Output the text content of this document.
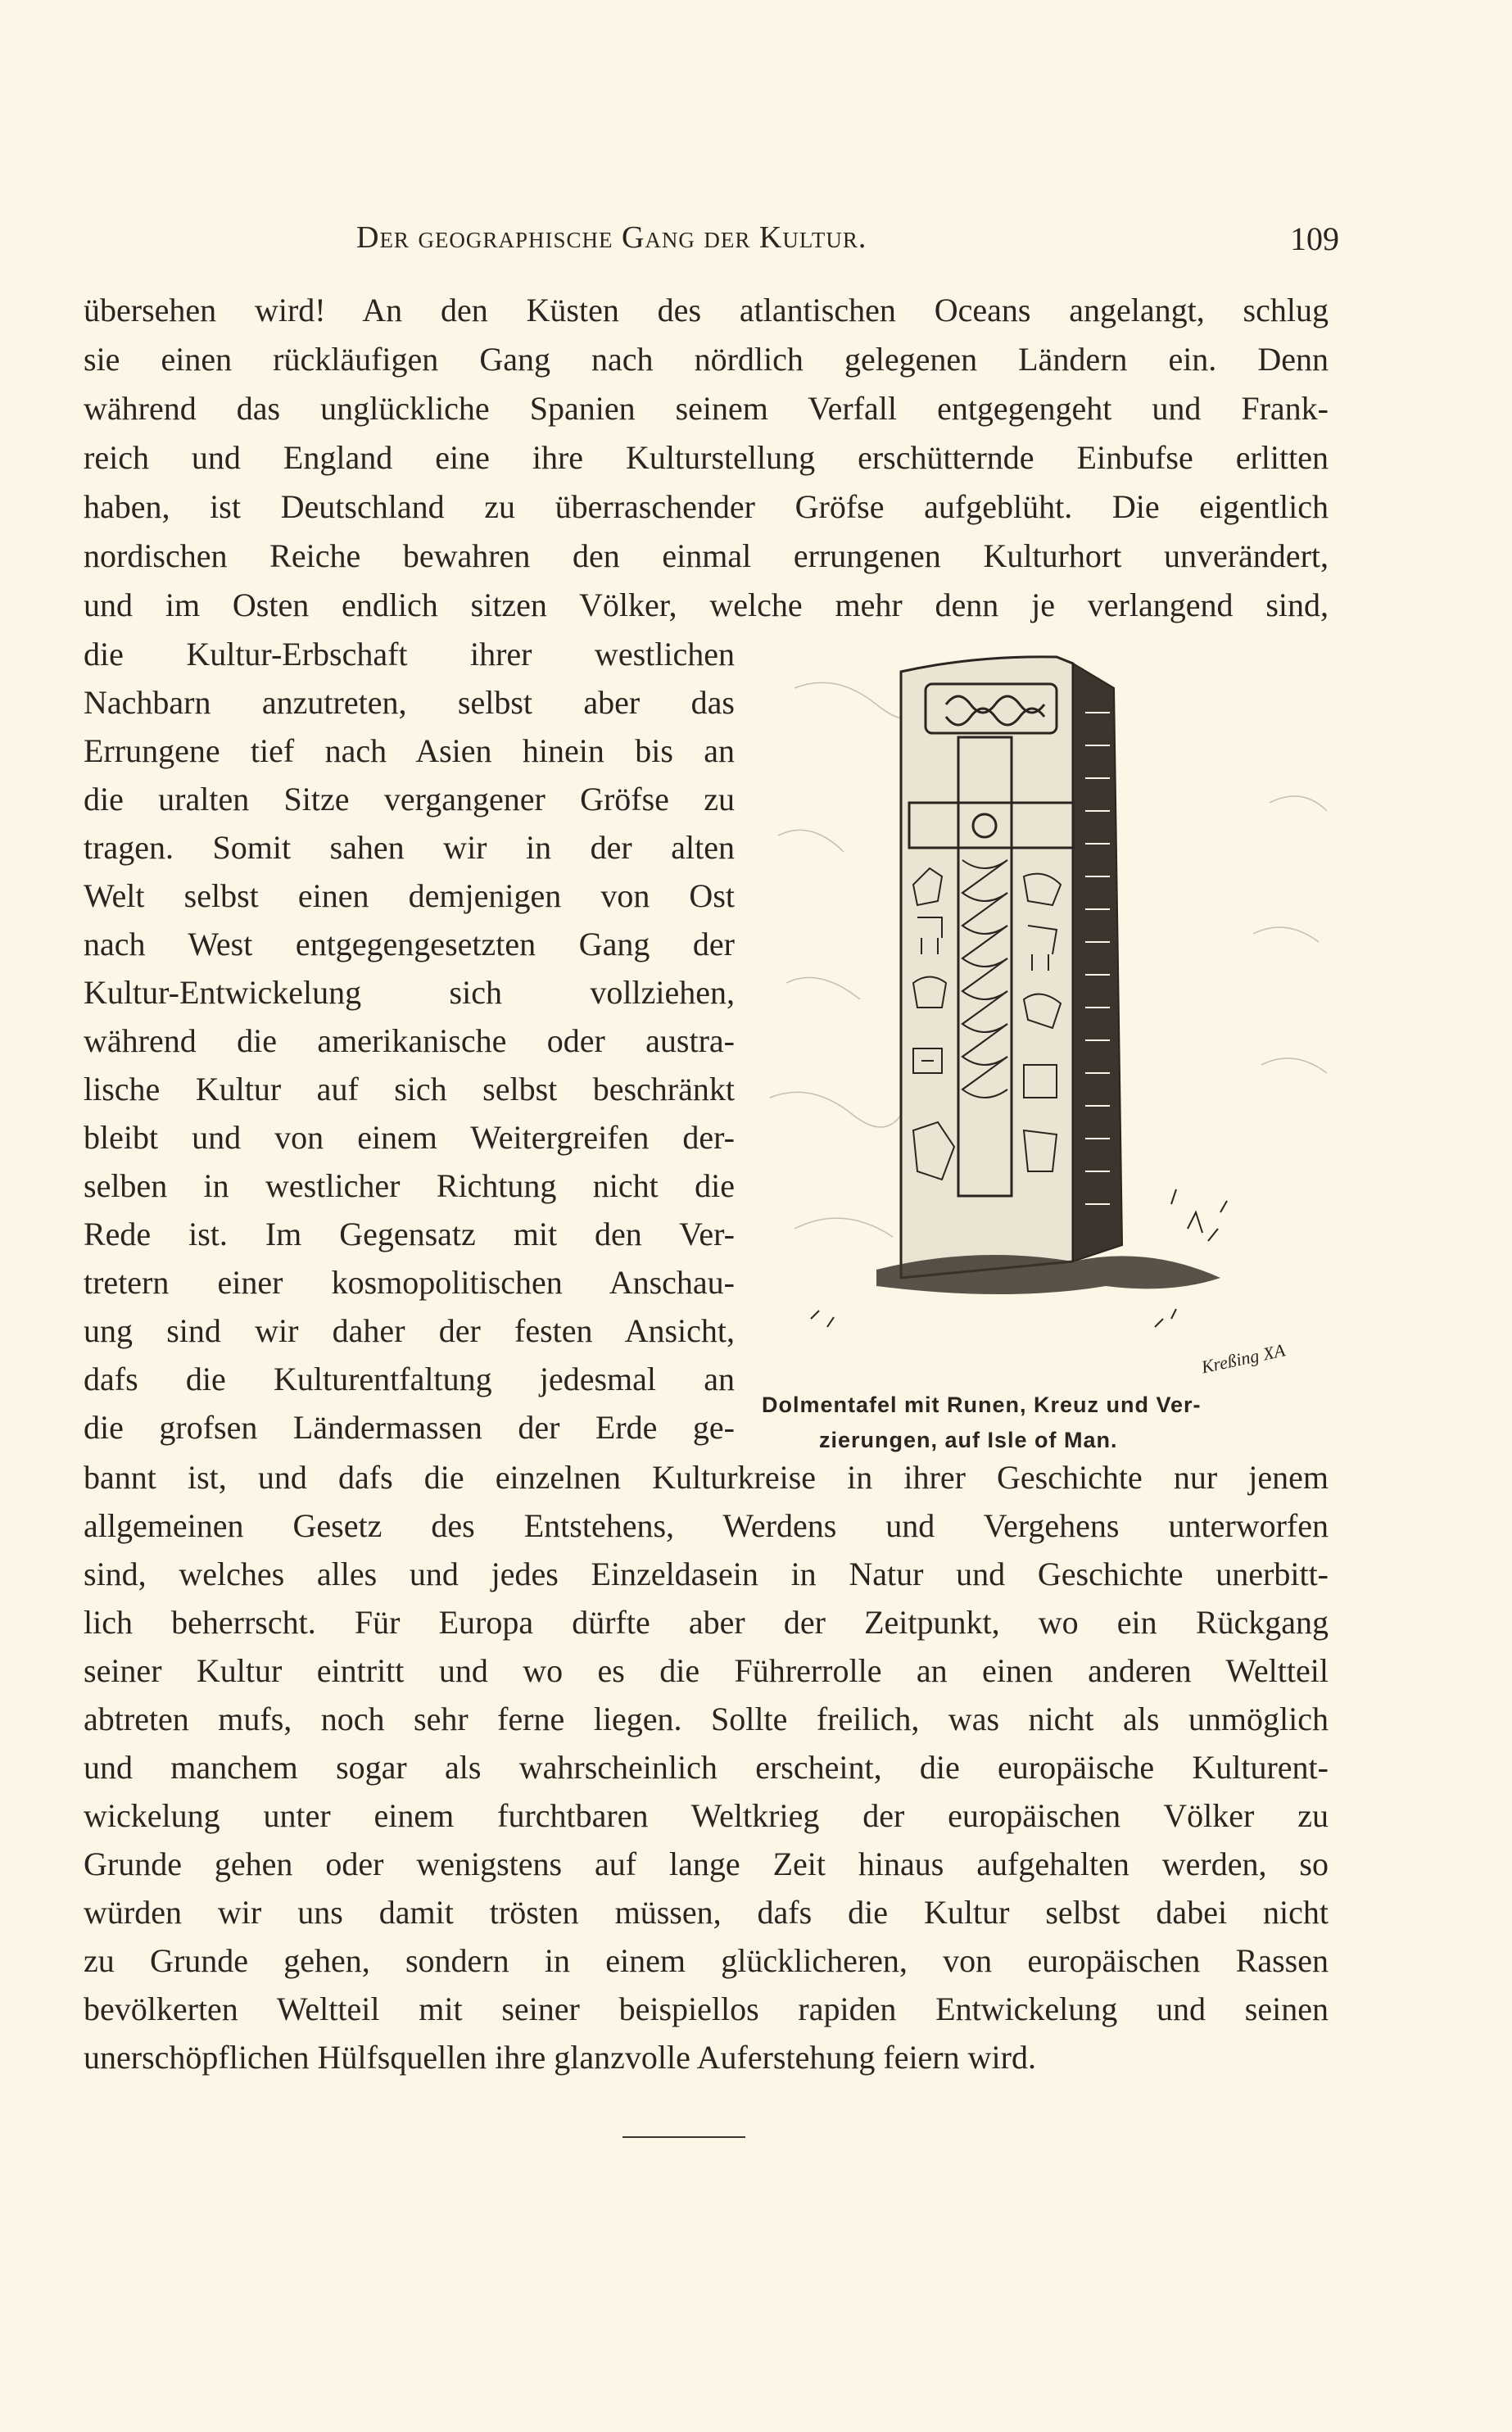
Der geographische Gang der Kultur.	109
übersehen wird! An den Küsten des atlantischen Oceans angelangt, schlug
sie einen rückläufigen Gang nach nördlich gelegenen Ländern ein. Denn
während das unglückliche Spanien seinem Verfall entgegengeht und Frank-
reich und England eine ihre Kulturstellung erschütternde Einbufse erlitten
haben, ist Deutschland zu überraschender Gröfse aufgeblüht. Die eigentlich
nordischen Reiche bewahren den einmal errungenen Kulturhort unverändert,
und im Osten endlich sitzen Völker, welche mehr denn je verlangend sind,
die Kultur-Erbschaft ihrer westlichen
Nachbarn anzutreten, selbst aber das
Errungene tief nach Asien hinein bis an
die uralten Sitze vergangener Gröfse zu
tragen. Somit sahen wir in der alten
Welt selbst einen demjenigen von Ost
nach West entgegengesetzten Gang der
Kultur-Entwickelung sich vollziehen,
während die amerikanische oder austra-
lische Kultur auf sich selbst beschränkt
bleibt und von einem Weitergreifen der-
selben in westlicher Richtung nicht die
Rede ist. Im Gegensatz mit den Ver-
tretern einer kosmopolitischen Anschau-
ung sind wir daher der festen Ansicht,
dafs die Kulturentfaltung jedesmal an
die grofsen Ländermassen der Erde ge-
Kreßing XA
Dolmentafel mit Runen, Kreuz und Ver-
zierungen, auf Isle of Man.
bannt ist, und dafs die einzelnen Kulturkreise in ihrer Geschichte nur jenem
allgemeinen Gesetz des Entstehens, Werdens und Vergehens unterworfen
sind, welches alles und jedes Einzeldasein in Natur und Geschichte unerbitt-
lich beherrscht. Für Europa dürfte aber der Zeitpunkt, wo ein Rückgang
seiner Kultur eintritt und wo es die Führerrolle an einen anderen Weltteil
abtreten mufs, noch sehr ferne liegen. Sollte freilich, was nicht als unmöglich
und manchem sogar als wahrscheinlich erscheint, die europäische Kulturent-
wickelung unter einem furchtbaren Weltkrieg der europäischen Völker zu
Grunde gehen oder wenigstens auf lange Zeit hinaus aufgehalten werden, so
würden wir uns damit trösten müssen, dafs die Kultur selbst dabei nicht
zu Grunde gehen, sondern in einem glücklicheren, von europäischen Rassen
bevölkerten Weltteil mit seiner beispiellos rapiden Entwickelung und seinen
unerschöpflichen Hülfsquellen ihre glanzvolle Auferstehung feiern wird.
